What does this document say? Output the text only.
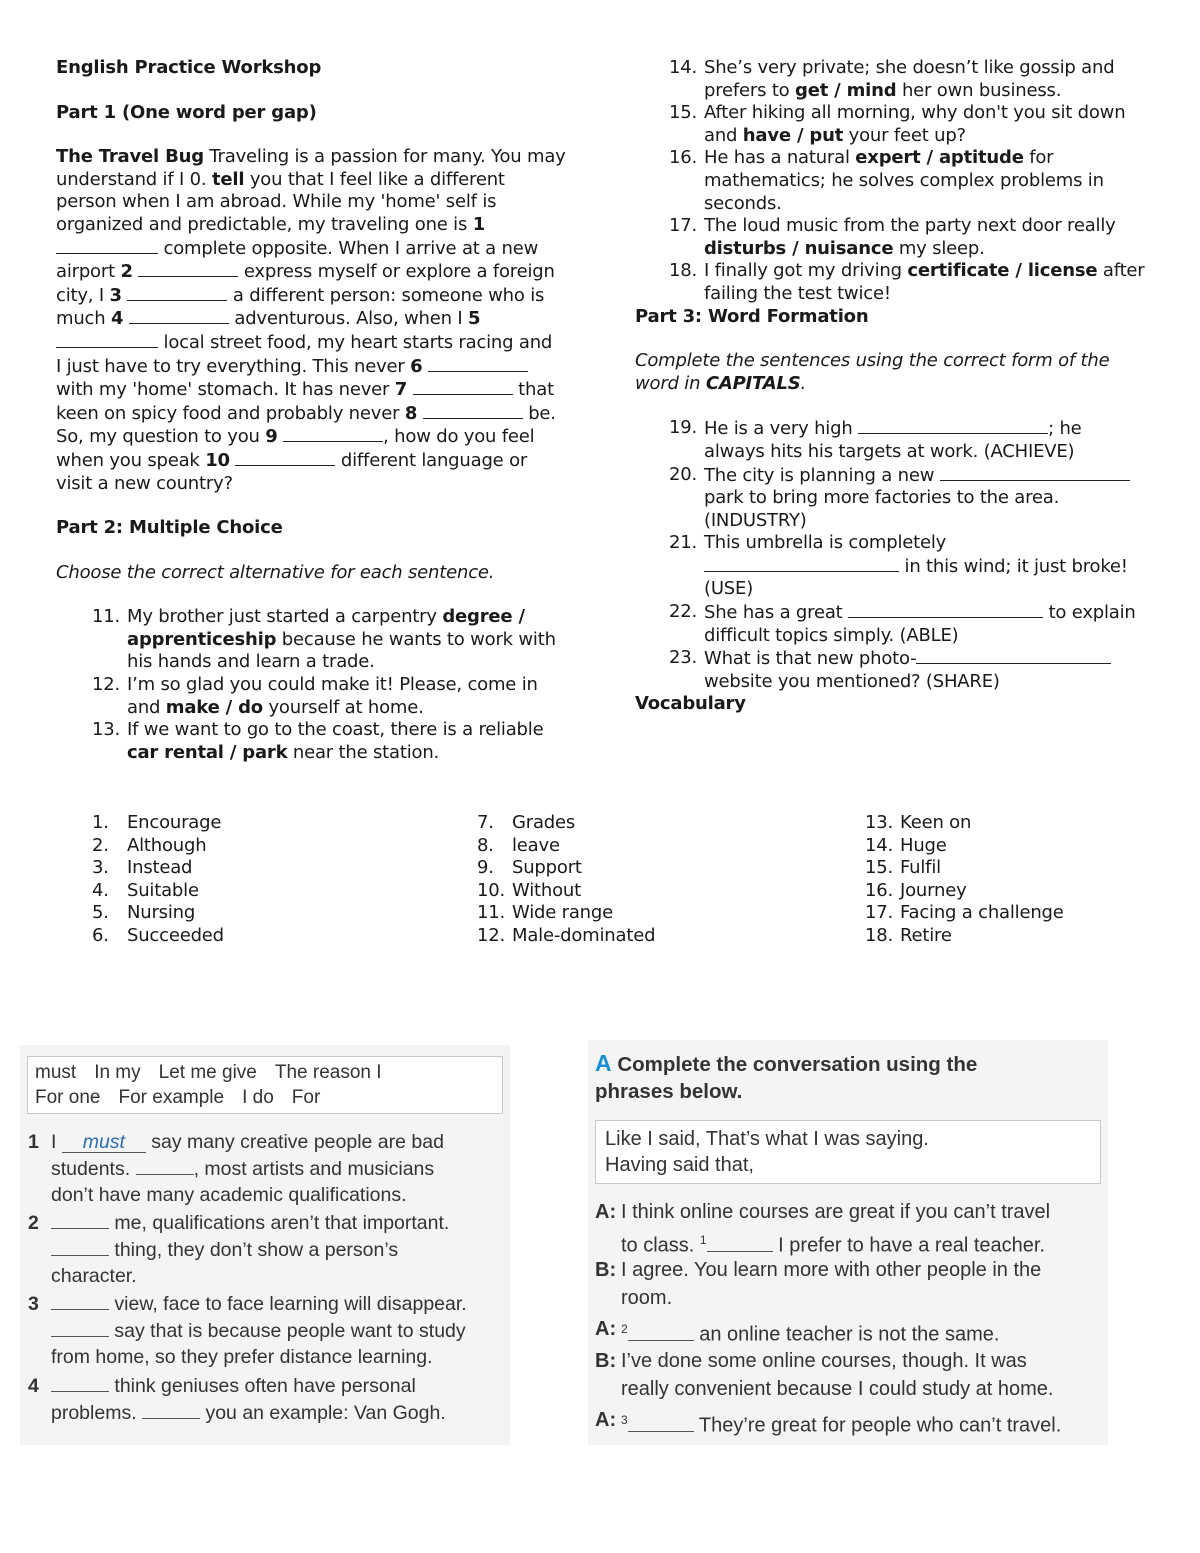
English Practice Workshop

Part 1 (One word per gap)

The Travel Bug Traveling is a passion for many. You may
understand if I 0. tell you that I feel like a different
person when I am abroad. While my 'home' self is
organized and predictable, my traveling one is 1
complete opposite. When I arrive at a new
airport 2	express myself or explore a foreign
city, I 3	a different person: someone who is
much 4	adventurous. Also, when I 5
local street food, my heart starts racing and
I just have to try everything. This never 6
with my 'home' stomach. It has never 7	that
keen on spicy food and probably never 8	be.
So, my question to you 9	, how do you feel
when you speak 10	different language or
visit a new country?

Part 2: Multiple Choice

Choose the correct alternative for each sentence.

11. My brother just started a carpentry degree / apprenticeship because he wants to work with his hands and learn a trade.
12. I’m so glad you could make it! Please, come in and make / do yourself at home.
13. If we want to go to the coast, there is a reliable car rental / park near the station.
14. She’s very private; she doesn’t like gossip and prefers to get / mind her own business.
15. After hiking all morning, why don't you sit down and have / put your feet up?
16. He has a natural expert / aptitude for mathematics; he solves complex problems in seconds.
17. The loud music from the party next door really disturbs / nuisance my sleep.
18. I finally got my driving certificate / license after failing the test twice!

Part 3: Word Formation

Complete the sentences using the correct form of the word in CAPITALS.

19. He is a very high	; he always hits his targets at work. (ACHIEVE)
20. The city is planning a new  park to bring more factories to the area. (INDUSTRY)
21. This umbrella is completely  in this wind; it just broke! (USE)
22. She has a great	to explain difficult topics simply. (ABLE)
23. What is that new photo- website you mentioned? (SHARE)

Vocabulary

1.	Encourage
2.	Although
3.	Instead
4.	Suitable
5.	Nursing
6.	Succeeded
7.	Grades
8.	leave
9.	Support
10. Without
11. Wide range
12. Male-dominated
13. Keen on
14. Huge
15. Fulfil
16. Journey
17. Facing a challenge
18. Retire
must In my Let me give The reason I
For one For example I do For
1 I must say many creative people are bad
students.	, most artists and musicians
don’t have many academic qualifications.
2	me, qualifications aren’t that important.
thing, they don’t show a person’s
character.
3	view, face to face learning will disappear.
say that is because people want to study
from home, so they prefer distance learning.
4	think geniuses often have personal
problems.	you an example: Van Gogh.
A Complete the conversation using the
phrases below.
Like I said, That’s what I was saying.
Having said that,
A: I think online courses are great if you can’t travel
to class. $^1$	I prefer to have a real teacher.
B: I agree. You learn more with other people in the
room.
A: $^2$	an online teacher is not the same.
B: I’ve done some online courses, though. It was
really convenient because I could study at home.
A: $^3$	They’re great for people who can’t travel.
